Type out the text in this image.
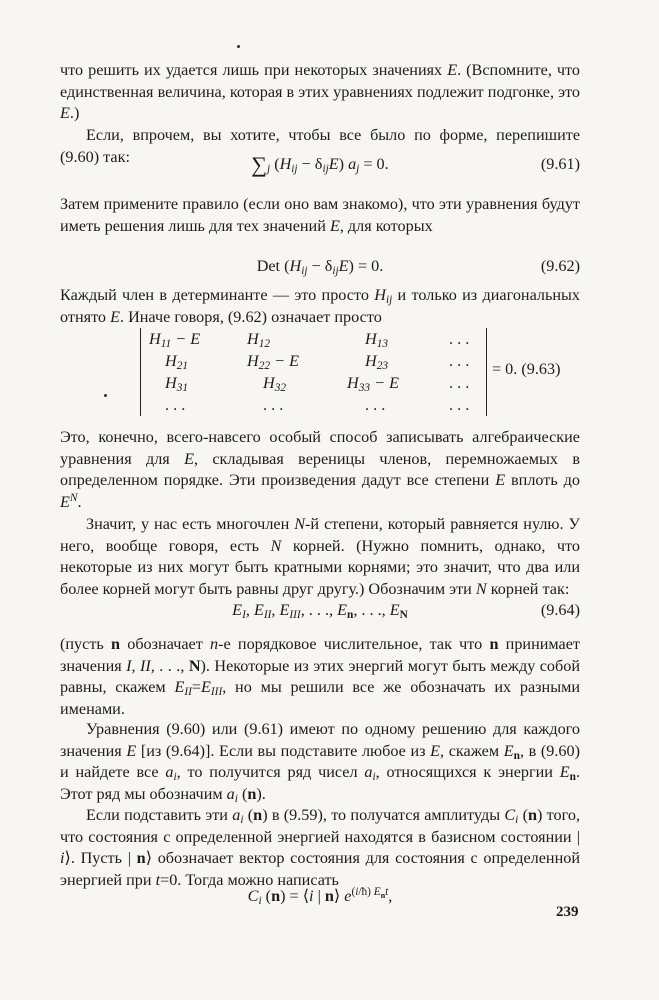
что решить их удается лишь при некоторых значениях E. (Вспомните, что единственная величина, которая в этих уравнениях подлежит подгонке, это E.)

Если, впрочем, вы хотите, чтобы все было по форме, перепишите (9.60) так:	$\sum_j$ $(H_{ij} - \delta_{ij}E) a_j = 0$.	(9.61)

Затем примените правило (если оно вам знакомо), что эти уравнения будут иметь решения лишь для тех значений E, для которых

Det $(H_{ij} - \delta_{ij}E) = 0$.	(9.62)

Каждый член в детерминанте — это просто $H_{ij}$ и только из диагональных отнято E. Иначе говоря, (9.62) означает просто

$H_{11} - E$	$H_{12}$	$H_{13}$	. . .
$H_{21}$	$H_{22} - E$	$H_{23}$	. . .
$H_{31}$	$H_{32}$	$H_{33} - E$	. . .
. . .	. . .	. . .	. . .
= 0. (9.63)

Это, конечно, всего-навсего особый способ записывать алгебраические уравнения для E, складывая вереницы членов, перемножаемых в определенном порядке. Эти произведения дадут все степени E вплоть до $E^N$.

Значит, у нас есть многочлен N-й степени, который равняется нулю. У него, вообще говоря, есть N корней. (Нужно помнить, однако, что некоторые из них могут быть кратными корнями; это значит, что два или более корней могут быть равны друг другу.) Обозначим эти N корней так:

$E_I$, $E_{II}$, $E_{III}$, . . ., $E_n$, . . ., $E_N$	(9.64)

(пусть n обозначает n-е порядковое числительное, так что n принимает значения I, II, . . ., N). Некоторые из этих энергий могут быть между собой равны, скажем $E_{II}=E_{III}$, но мы решили все же обозначать их разными именами.

Уравнения (9.60) или (9.61) имеют по одному решению для каждого значения E [из (9.64)]. Если вы подставите любое из E, скажем $E_n$, в (9.60) и найдете все $a_i$, то получится ряд чисел $a_i$, относящихся к энергии $E_n$. Этот ряд мы обозначим $a_i$ (n).

Если подставить эти $a_i$ (n) в (9.59), то получатся амплитуды $C_i$ (n) того, что состояния с определенной энергией находятся в базисном состоянии | i⟩. Пусть | n⟩ обозначает вектор состояния для состояния с определенной энергией при t=0. Тогда можно написать

$C_i$ (n) = ⟨i | n⟩ $e^{(i/ħ) E_nt}$,
239
